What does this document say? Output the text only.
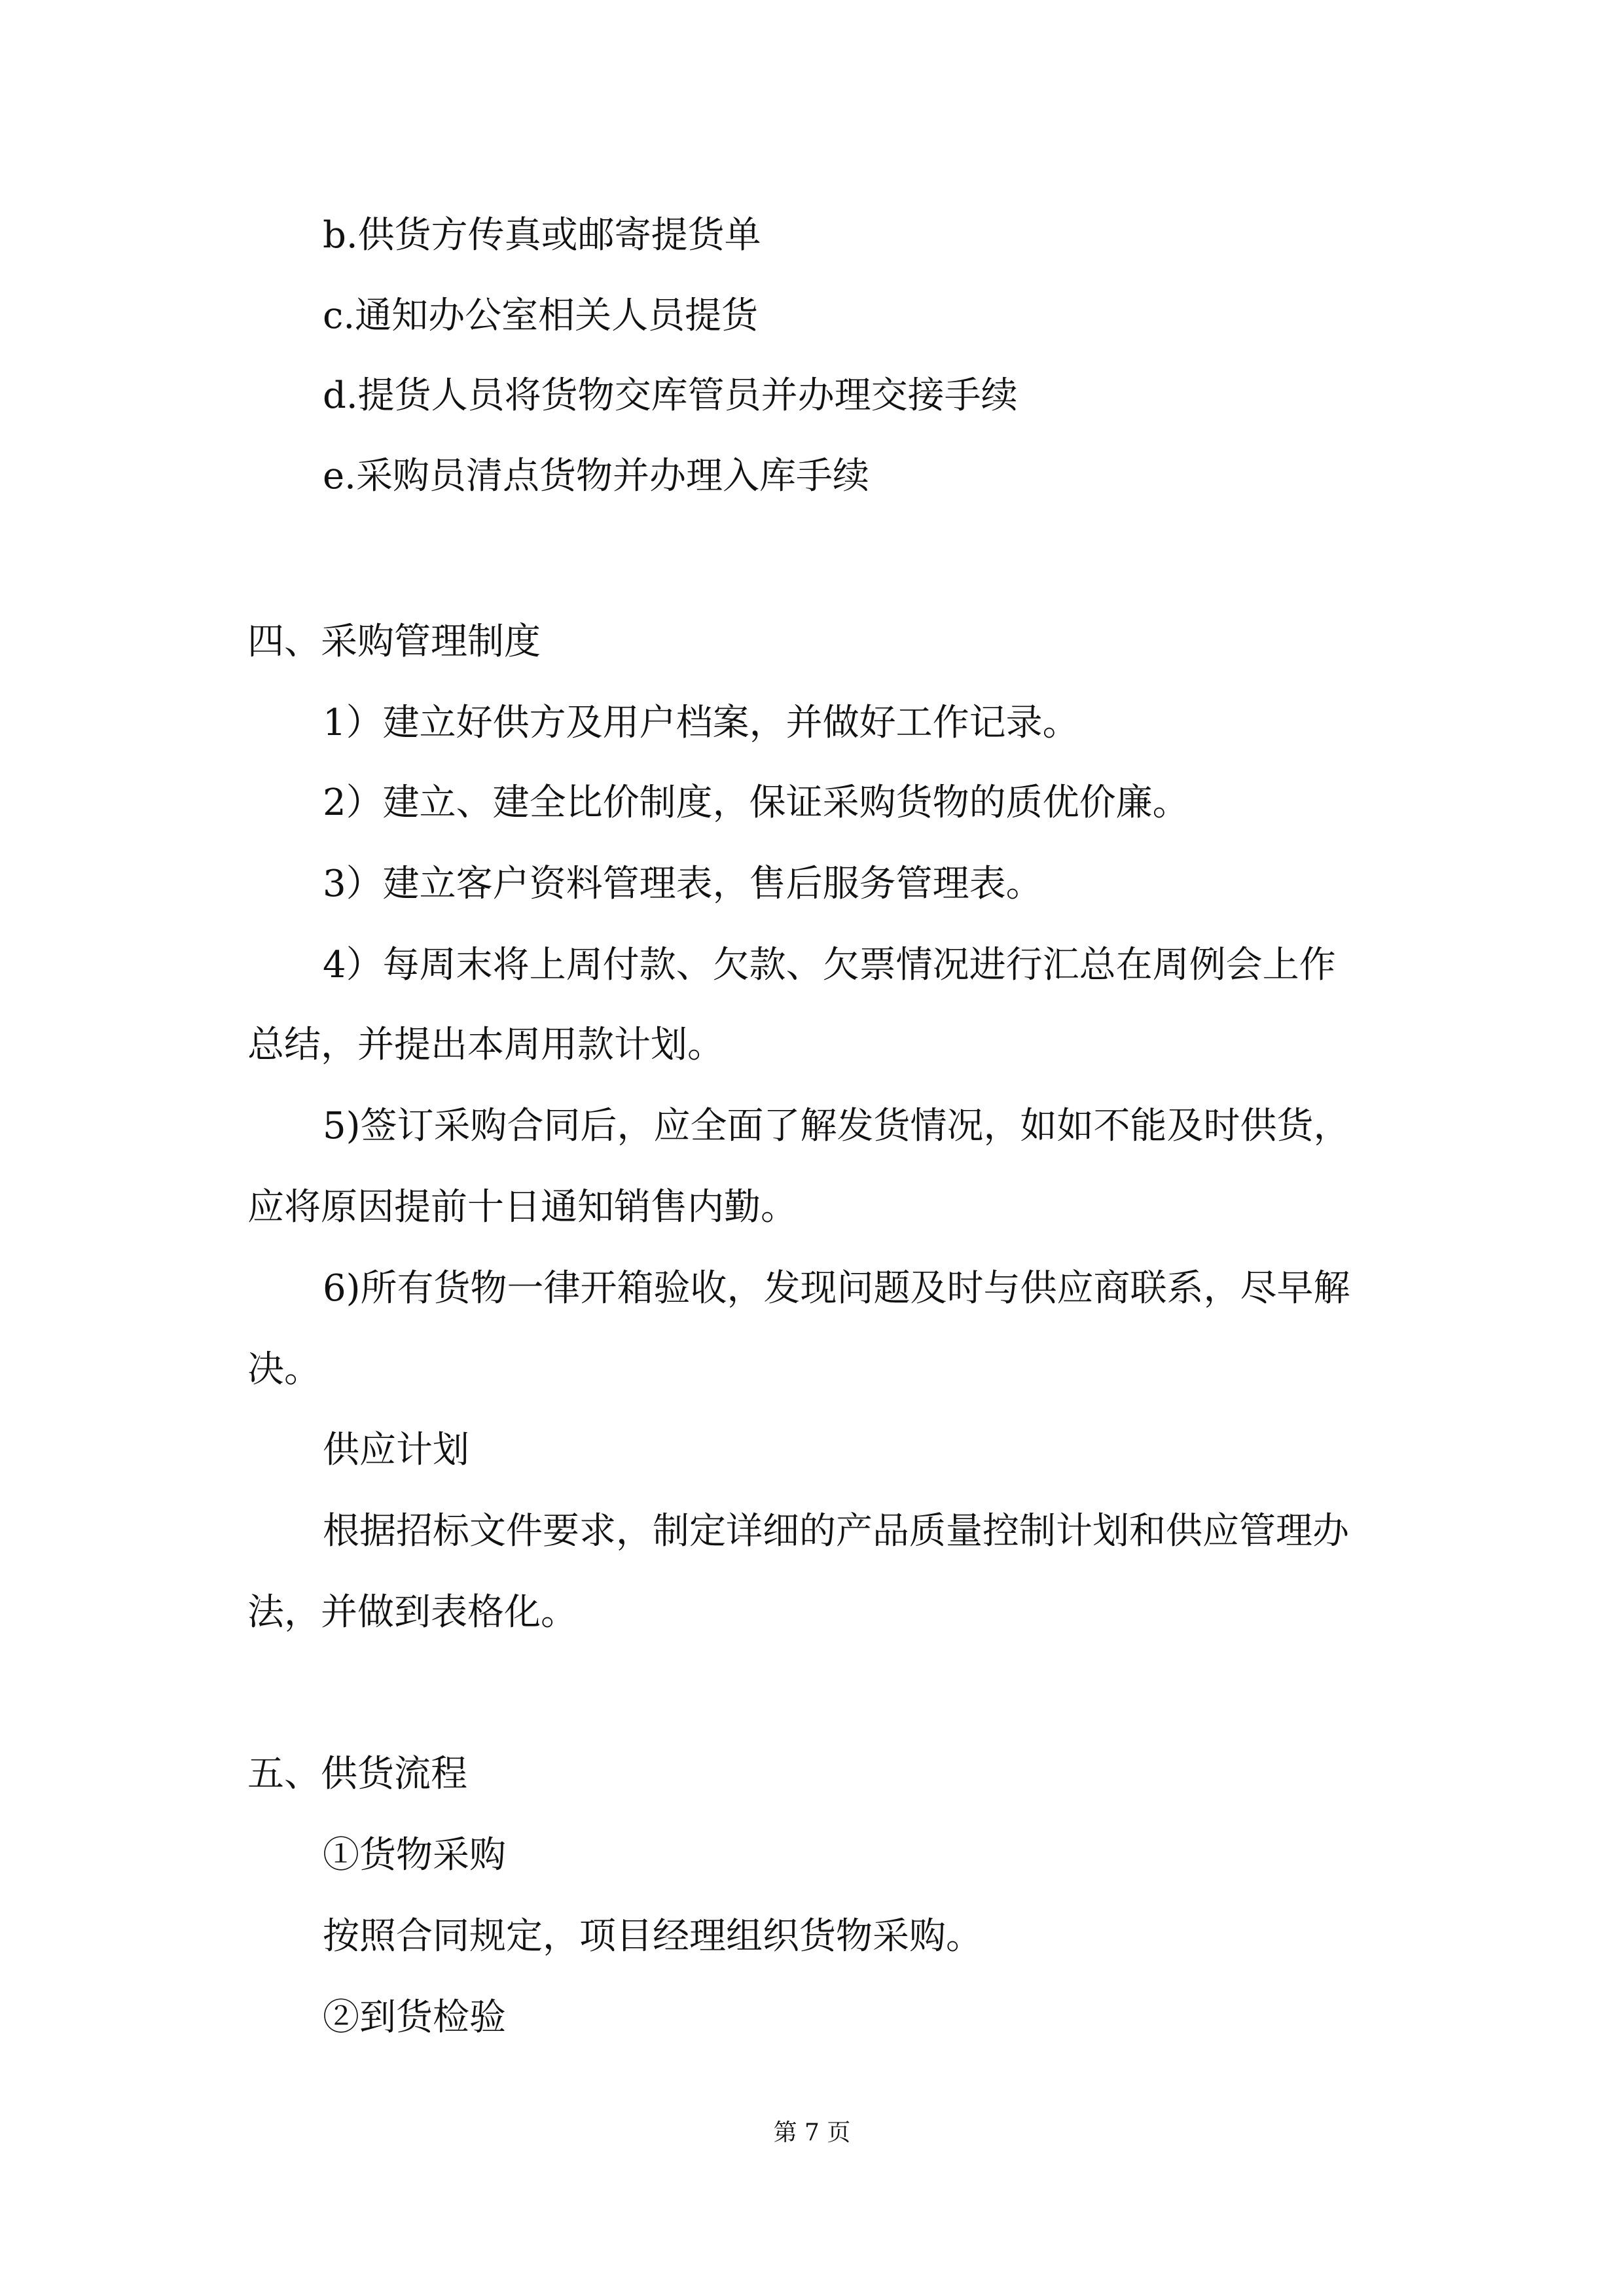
b.供货方传真或邮寄提货单
c.通知办公室相关人员提货
d.提货人员将货物交库管员并办理交接手续
e.采购员清点货物并办理入库手续
四、采购管理制度
1）建立好供方及用户档案，并做好工作记录。
2）建立、建全比价制度，保证采购货物的质优价廉。
3）建立客户资料管理表，售后服务管理表。
4）每周末将上周付款、欠款、欠票情况进行汇总在周例会上作
总结，并提出本周用款计划。
5)签订采购合同后，应全面了解发货情况，如如不能及时供货，
应将原因提前十日通知销售内勤。
6)所有货物一律开箱验收，发现问题及时与供应商联系，尽早解
决。
供应计划
根据招标文件要求，制定详细的产品质量控制计划和供应管理办
法，并做到表格化。
五、供货流程
①货物采购
按照合同规定，项目经理组织货物采购。
②到货检验
第 7 页
